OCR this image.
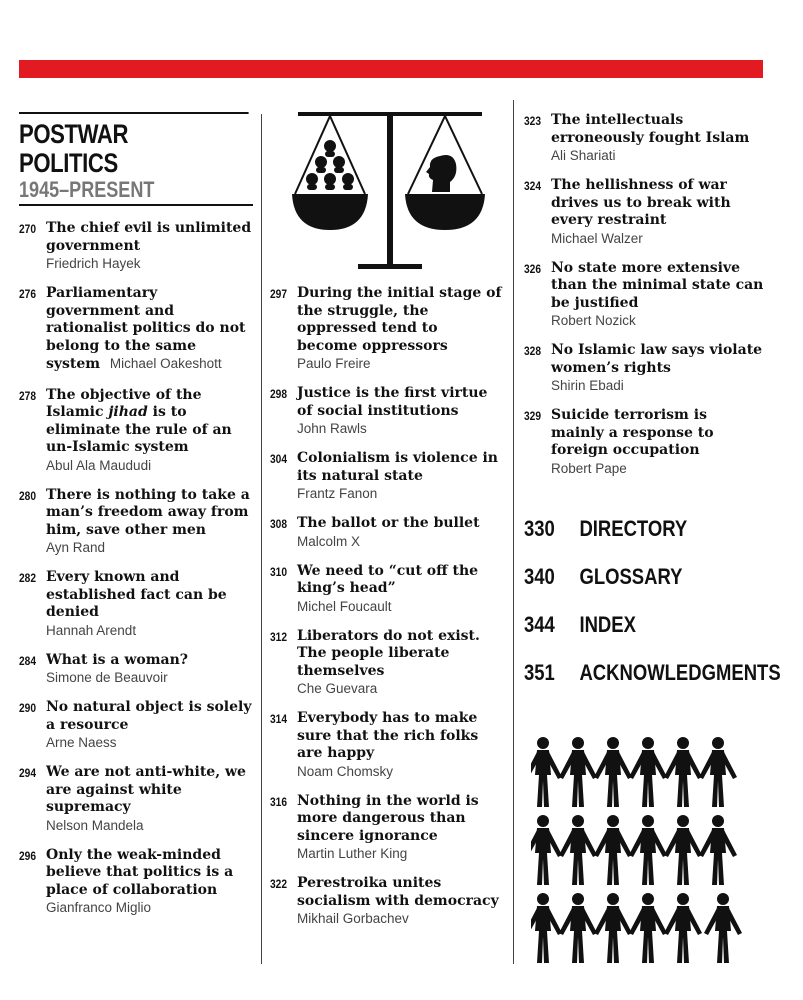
POSTWAR
POLITICS
1945–PRESENT
270 The chief evil is unlimited government
Friedrich Hayek
276 Parliamentary government and rationalist politics do not belong to the same system Michael Oakeshott
278 The objective of the Islamic jihad is to eliminate the rule of an un-Islamic system
Abul Ala Maududi
280 There is nothing to take a man’s freedom away from him, save other men
Ayn Rand
282 Every known and established fact can be denied
Hannah Arendt
284 What is a woman?
Simone de Beauvoir
290 No natural object is solely a resource
Arne Naess
294 We are not anti-white, we are against white supremacy
Nelson Mandela
296 Only the weak-minded believe that politics is a place of collaboration
Gianfranco Miglio
297 During the initial stage of the struggle, the oppressed tend to become oppressors
Paulo Freire
298 Justice is the first virtue of social institutions
John Rawls
304 Colonialism is violence in its natural state
Frantz Fanon
308 The ballot or the bullet
Malcolm X
310 We need to “cut off the king’s head”
Michel Foucault
312 Liberators do not exist. The people liberate themselves
Che Guevara
314 Everybody has to make sure that the rich folks are happy
Noam Chomsky
316 Nothing in the world is more dangerous than sincere ignorance
Martin Luther King
322 Perestroika unites socialism with democracy
Mikhail Gorbachev
323 The intellectuals erroneously fought Islam
Ali Shariati
324 The hellishness of war drives us to break with every restraint
Michael Walzer
326 No state more extensive than the minimal state can be justified
Robert Nozick
328 No Islamic law says violate women’s rights
Shirin Ebadi
329 Suicide terrorism is mainly a response to foreign occupation
Robert Pape
330 DIRECTORY
340 GLOSSARY
344 INDEX
351 ACKNOWLEDGMENTS
